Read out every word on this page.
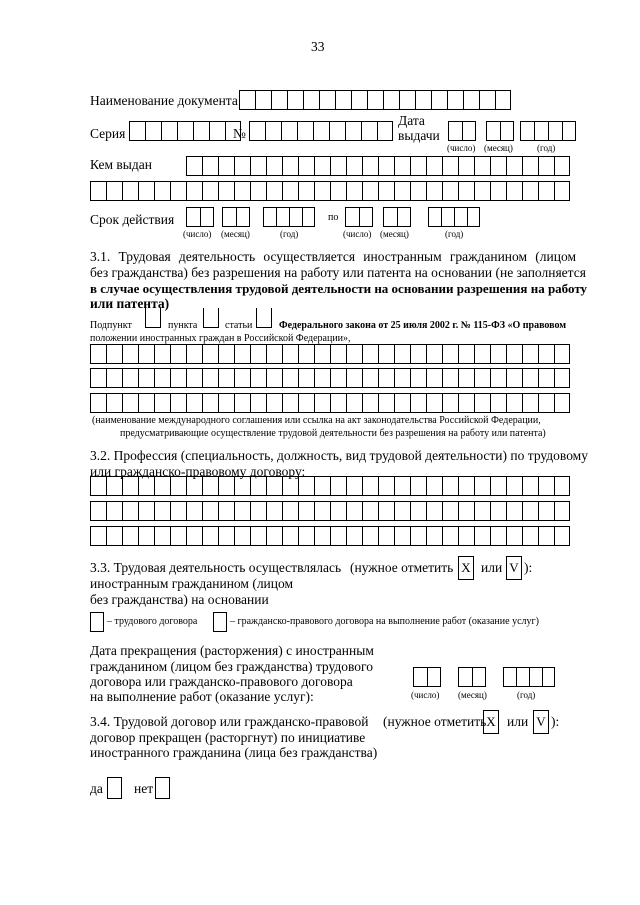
33
Наименование документа
Серия	№
Дата
выдачи
(число) (месяц)	(год)
Кем выдан
Срок действия	по
(число) (месяц)	(год)	(число) (месяц)	(год)
3.1. Трудовая деятельность осуществляется иностранным гражданином (лицом
без гражданства) без разрешения на работу или патента на основании (не заполняется
в случае осуществления трудовой деятельности на основании разрешения на работу
или патента)
Подпункт	пункта	статьи	Федерального закона от 25 июля 2002 г. № 115-ФЗ «О правовом
положении иностранных граждан в Российской Федерации»,
(наименование международного соглашения или ссылка на акт законодательства Российской Федерации,
предусматривающие осуществление трудовой деятельности без разрешения на работу или патента)
3.2. Профессия (специальность, должность, вид трудовой деятельности) по трудовому
или гражданско-правовому договору:
3.3. Трудовая деятельность осуществлялась
иностранным гражданином (лицом
без гражданства) на основании
(нужное отметить X или V ):
– трудового договора	– гражданско-правового договора на выполнение работ (оказание услуг)
Дата прекращения (расторжения) с иностранным
гражданином (лицом без гражданства) трудового
договора или гражданско-правового договора
на выполнение работ (оказание услуг):	(число) (месяц)	(год)
3.4. Трудовой договор или гражданско-правовой
договор прекращен (расторгнут) по инициативе
иностранного гражданина (лица без гражданства)
(нужное отметить X или V ):
да нет
